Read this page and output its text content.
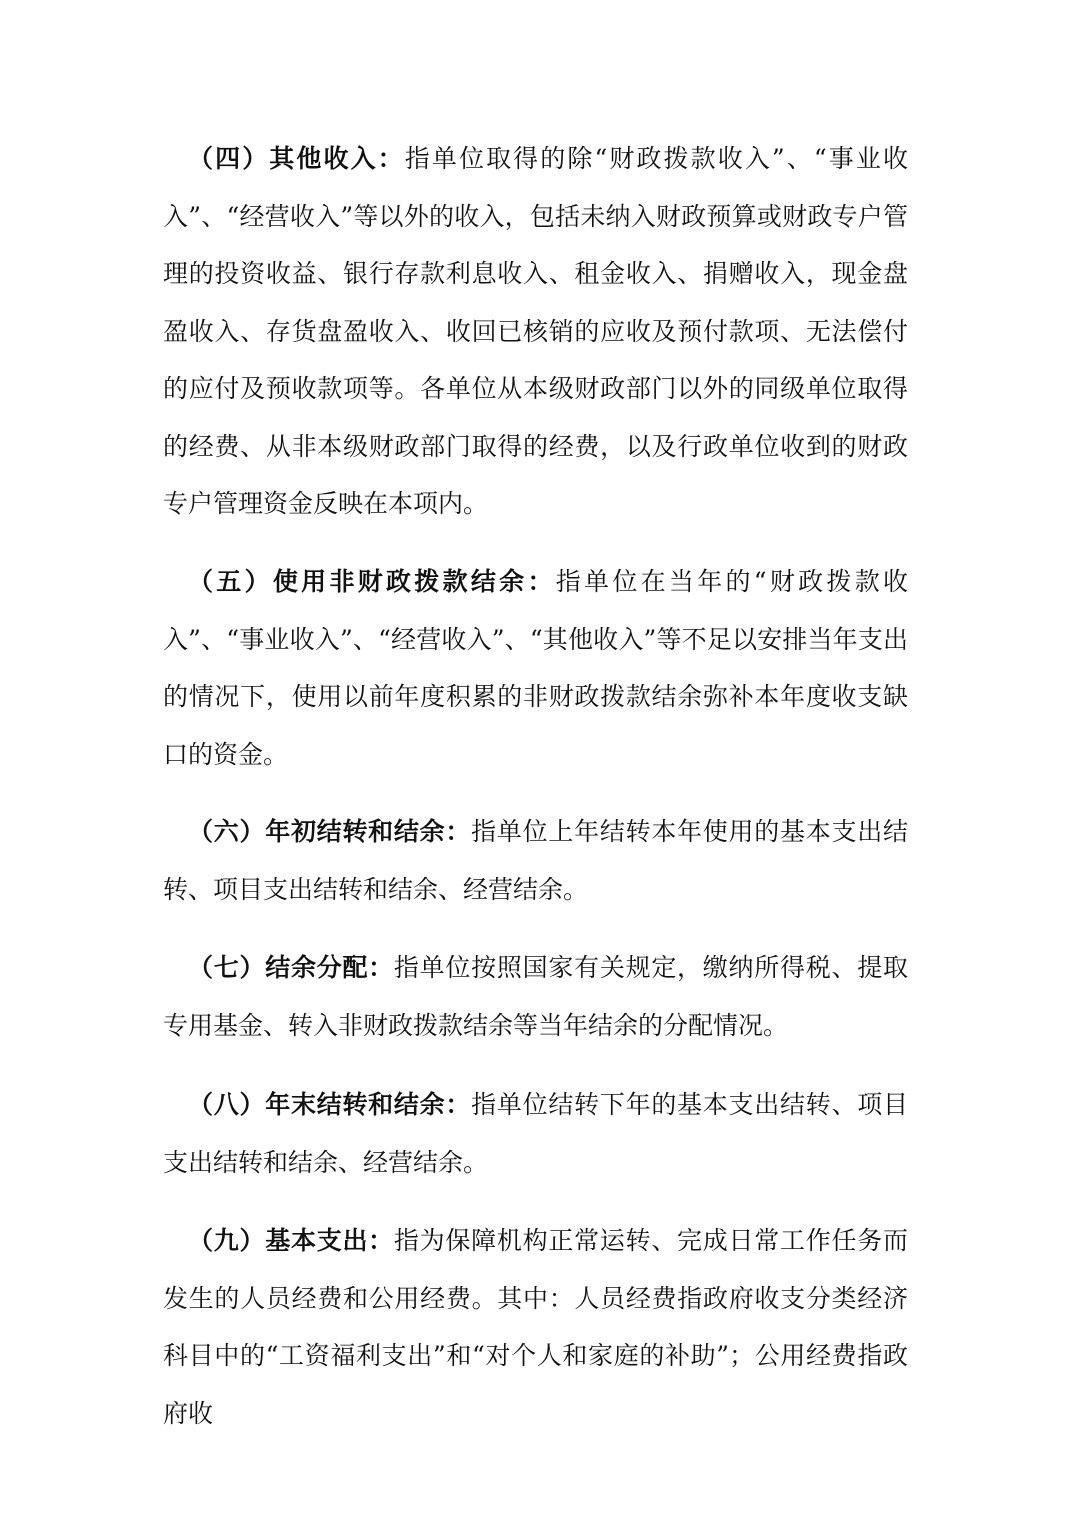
（四）其他收入：指单位取得的除“财政拨款收入”、“事业收入”、“经营收入”等以外的收入，包括未纳入财政预算或财政专户管理的投资收益、银行存款利息收入、租金收入、捐赠收入，现金盘盈收入、存货盘盈收入、收回已核销的应收及预付款项、无法偿付的应付及预收款项等。各单位从本级财政部门以外的同级单位取得的经费、从非本级财政部门取得的经费，以及行政单位收到的财政专户管理资金反映在本项内。

（五）使用非财政拨款结余：指单位在当年的“财政拨款收入”、“事业收入”、“经营收入”、“其他收入”等不足以安排当年支出的情况下，使用以前年度积累的非财政拨款结余弥补本年度收支缺口的资金。

（六）年初结转和结余：指单位上年结转本年使用的基本支出结转、项目支出结转和结余、经营结余。

（七）结余分配：指单位按照国家有关规定，缴纳所得税、提取专用基金、转入非财政拨款结余等当年结余的分配情况。

（八）年末结转和结余：指单位结转下年的基本支出结转、项目支出结转和结余、经营结余。

（九）基本支出：指为保障机构正常运转、完成日常工作任务而发生的人员经费和公用经费。其中：人员经费指政府收支分类经济科目中的“工资福利支出”和“对个人和家庭的补助”；公用经费指政府收
